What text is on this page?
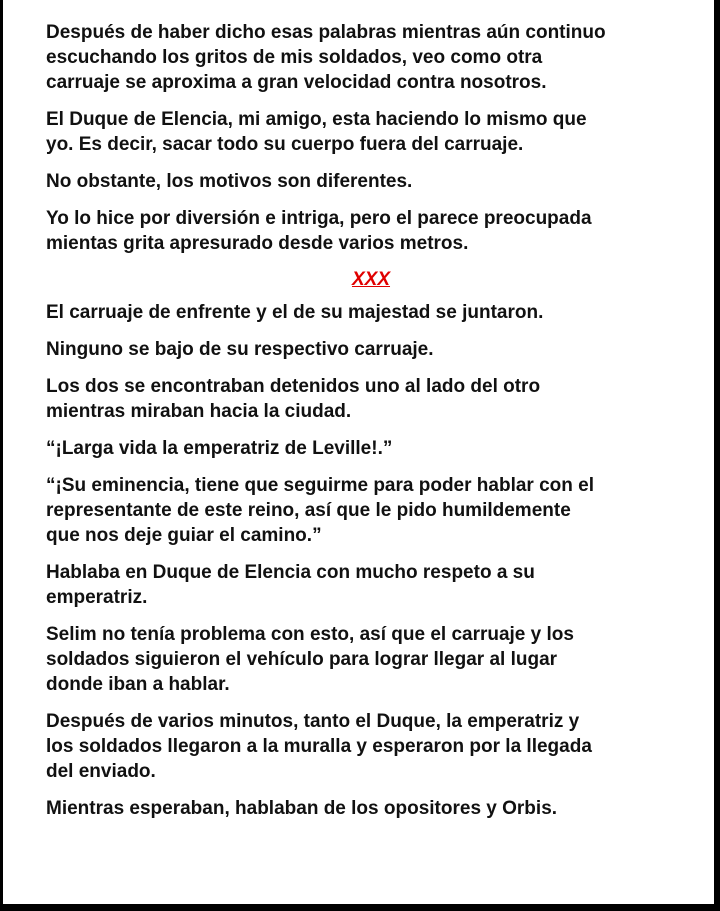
Después de haber dicho esas palabras mientras aún continuo
escuchando los gritos de mis soldados, veo como otra
carruaje se aproxima a gran velocidad contra nosotros.

El Duque de Elencia, mi amigo, esta haciendo lo mismo que
yo. Es decir, sacar todo su cuerpo fuera del carruaje.

No obstante, los motivos son diferentes.

Yo lo hice por diversión e intriga, pero el parece preocupada
mientas grita apresurado desde varios metros.

XXX

El carruaje de enfrente y el de su majestad se juntaron.

Ninguno se bajo de su respectivo carruaje.

Los dos se encontraban detenidos uno al lado del otro
mientras miraban hacia la ciudad.

“¡Larga vida la emperatriz de Leville!.”

“¡Su eminencia, tiene que seguirme para poder hablar con el
representante de este reino, así que le pido humildemente
que nos deje guiar el camino.”

Hablaba en Duque de Elencia con mucho respeto a su
emperatriz.

Selim no tenía problema con esto, así que el carruaje y los
soldados siguieron el vehículo para lograr llegar al lugar
donde iban a hablar.

Después de varios minutos, tanto el Duque, la emperatriz y
los soldados llegaron a la muralla y esperaron por la llegada
del enviado.

Mientras esperaban, hablaban de los opositores y Orbis.
